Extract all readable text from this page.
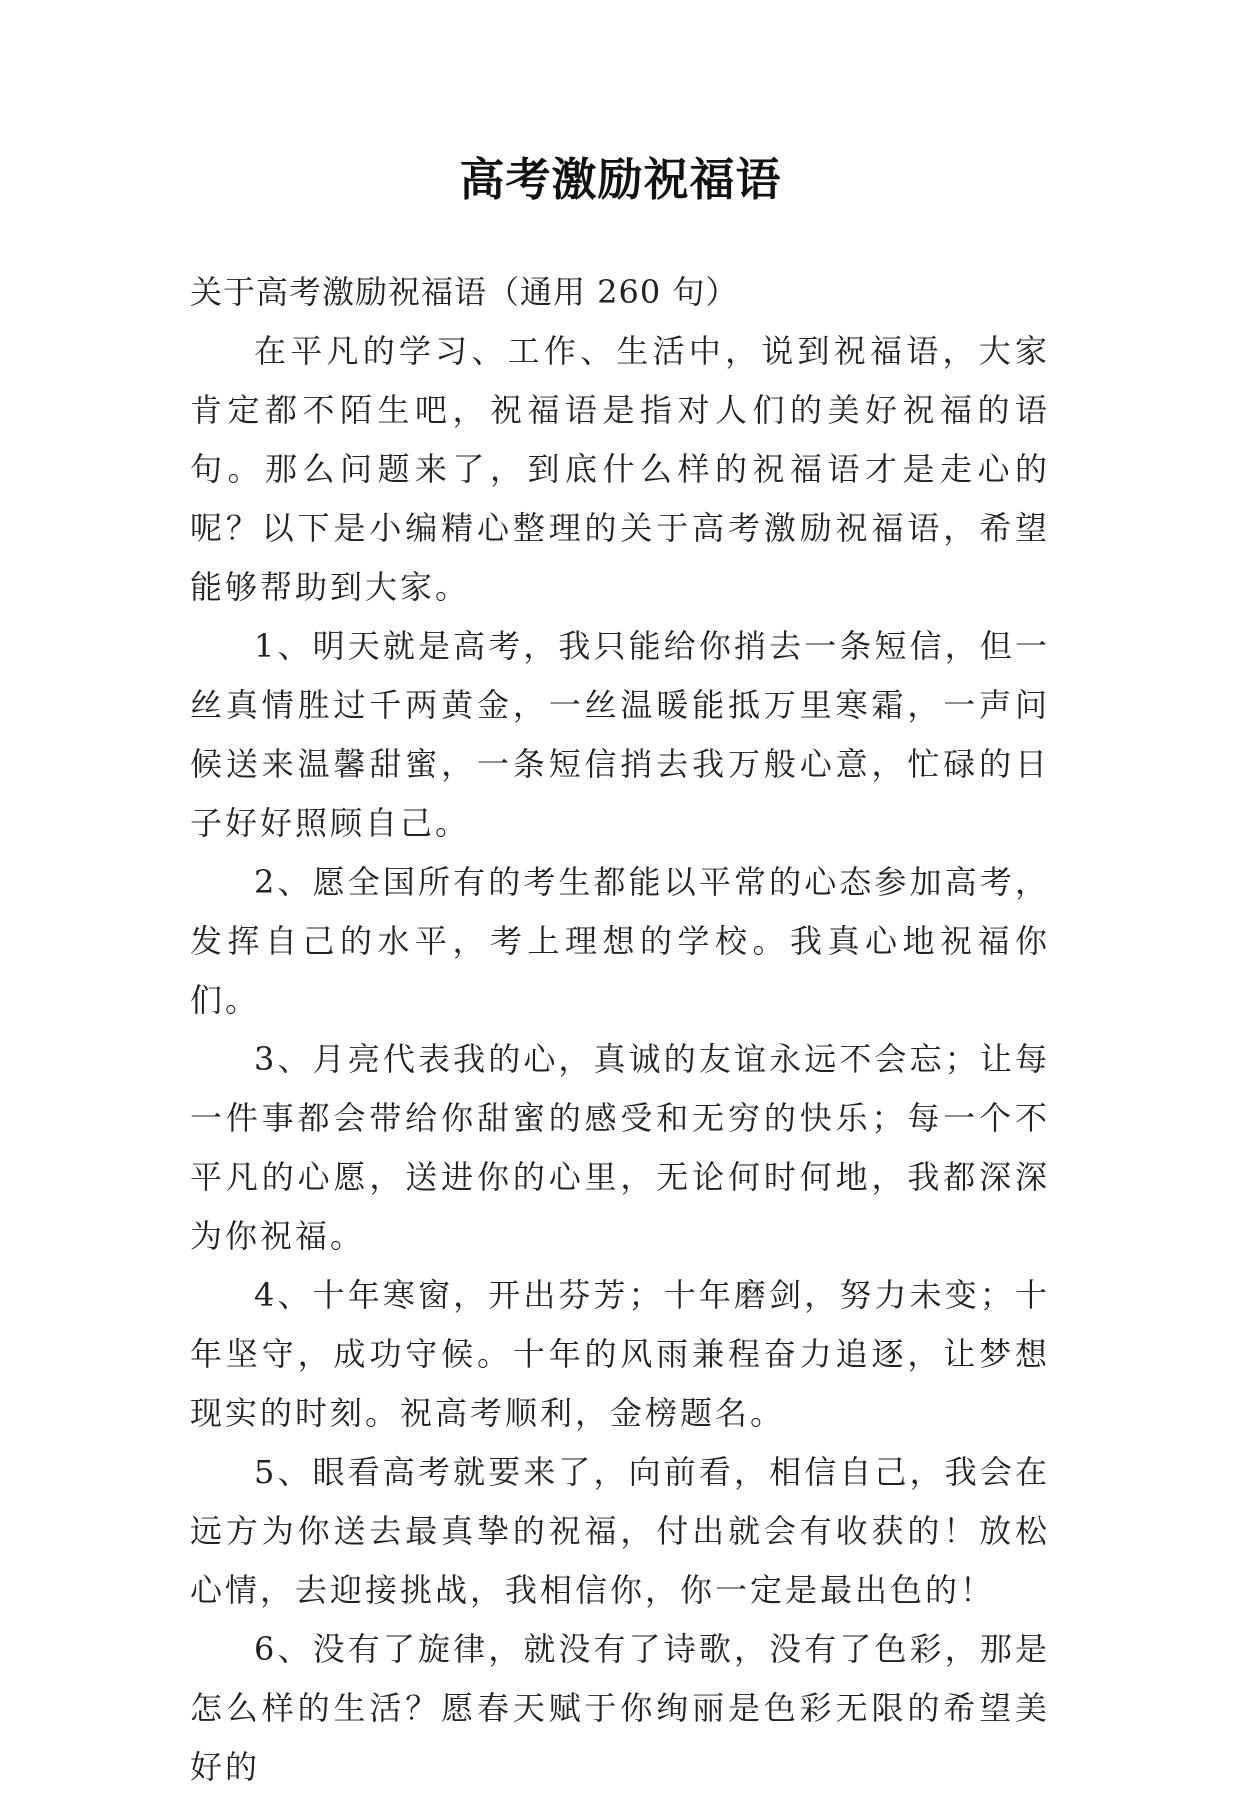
高考激励祝福语

关于高考激励祝福语（通用 260 句）

在平凡的学习、工作、生活中，说到祝福语，大家肯定都不陌生吧，祝福语是指对人们的美好祝福的语句。那么问题来了，到底什么样的祝福语才是走心的呢？以下是小编精心整理的关于高考激励祝福语，希望能够帮助到大家。

1、明天就是高考，我只能给你捎去一条短信，但一丝真情胜过千两黄金，一丝温暖能抵万里寒霜，一声问候送来温馨甜蜜，一条短信捎去我万般心意，忙碌的日子好好照顾自己。

2、愿全国所有的考生都能以平常的心态参加高考，发挥自己的水平，考上理想的学校。我真心地祝福你们。

3、月亮代表我的心，真诚的友谊永远不会忘；让每一件事都会带给你甜蜜的感受和无穷的快乐；每一个不平凡的心愿，送进你的心里，无论何时何地，我都深深为你祝福。

4、十年寒窗，开出芬芳；十年磨剑，努力未变；十年坚守，成功守候。十年的风雨兼程奋力追逐，让梦想现实的时刻。祝高考顺利，金榜题名。

5、眼看高考就要来了，向前看，相信自己，我会在远方为你送去最真挚的祝福，付出就会有收获的！放松心情，去迎接挑战，我相信你，你一定是最出色的！

6、没有了旋律，就没有了诗歌，没有了色彩，那是怎么样的生活？愿春天赋于你绚丽是色彩无限的希望美好的
